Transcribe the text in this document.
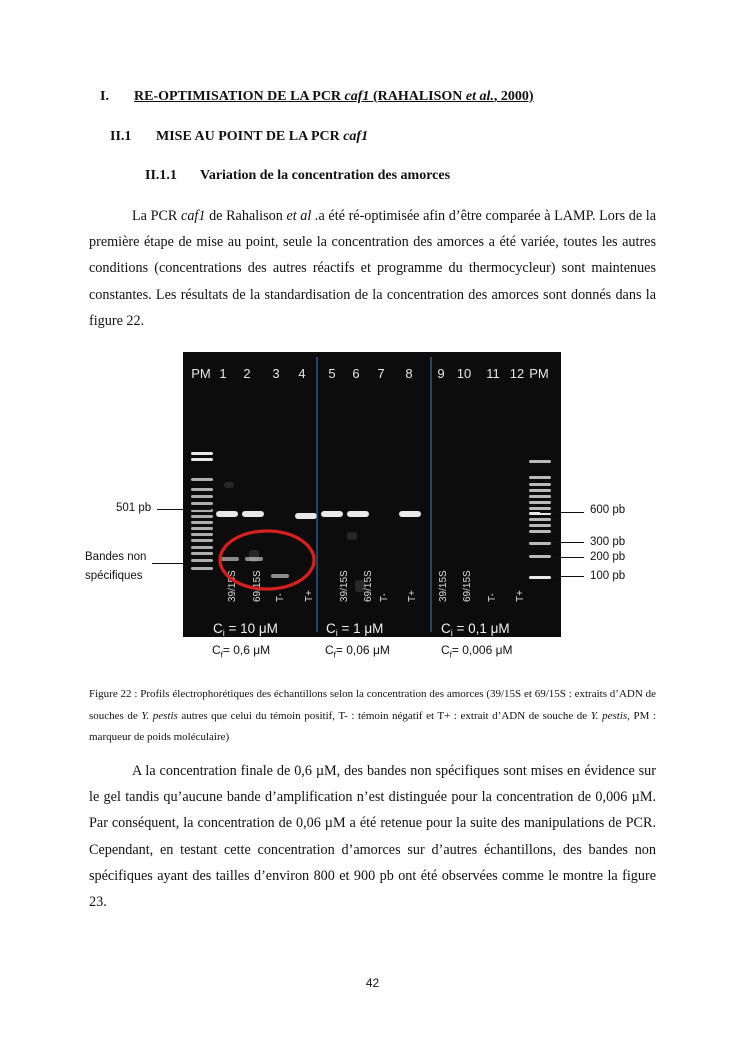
I. RE-OPTIMISATION DE LA PCR caf1 (RAHALISON et al., 2000)
II.1 MISE AU POINT DE LA PCR caf1
II.1.1 Variation de la concentration des amorces
La PCR caf1 de Rahalison et al .a été ré-optimisée afin d’être comparée à LAMP. Lors de la première étape de mise au point, seule la concentration des amorces a été variée, toutes les autres conditions (concentrations des autres réactifs et programme du thermocycleur) sont maintenues constantes. Les résultats de la standardisation de la concentration des amorces sont donnés dans la figure 22.
PM 1 2 3 4 5 6 7 8 9 10 11 12 PM
39/15S 69/15S T- T+ 39/15S 69/15S T- T+ 39/15S 69/15S T- T+
$C_i = 10$ μM	$C_i = 1$ μM	$C_i = 0,1$ μM
501 pb
Bandes non
spécifiques
600 pb
300 pb
200 pb
100 pb
$C_f= 0,6$ μM	$C_f= 0,06$ μM	$C_f= 0,006$ μM
Figure 22 : Profils électrophorétiques des échantillons selon la concentration des amorces (39/15S et 69/15S : extraits d’ADN de souches de Y. pestis autres que celui du témoin positif, T- : témoin négatif et T+ : extrait d’ADN de souche de Y. pestis, PM : marqueur de poids moléculaire)
A la concentration finale de 0,6 µM, des bandes non spécifiques sont mises en évidence sur le gel tandis qu’aucune bande d’amplification n’est distinguée pour la concentration de 0,006 µM. Par conséquent, la concentration de 0,06 µM a été retenue pour la suite des manipulations de PCR. Cependant, en testant cette concentration d’amorces sur d’autres échantillons, des bandes non spécifiques ayant des tailles d’environ 800 et 900 pb ont été observées comme le montre la figure 23.
42
